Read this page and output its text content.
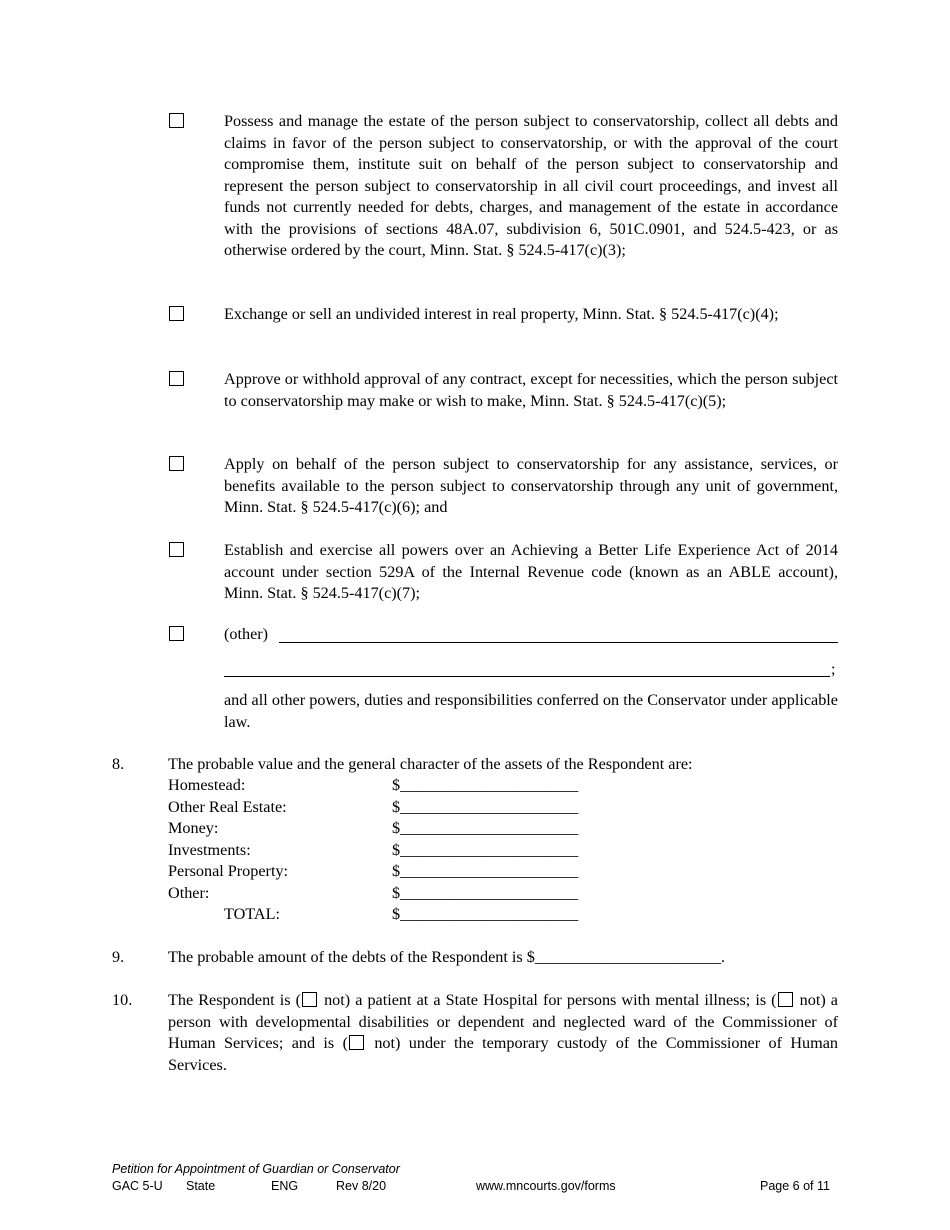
Possess and manage the estate of the person subject to conservatorship, collect all debts and claims in favor of the person subject to conservatorship, or with the approval of the court compromise them, institute suit on behalf of the person subject to conservatorship and represent the person subject to conservatorship in all civil court proceedings, and invest all funds not currently needed for debts, charges, and management of the estate in accordance with the provisions of sections 48A.07, subdivision 6, 501C.0901, and 524.5-423, or as otherwise ordered by the court, Minn. Stat. § 524.5-417(c)(3);
Exchange or sell an undivided interest in real property, Minn. Stat. § 524.5-417(c)(4);
Approve or withhold approval of any contract, except for necessities, which the person subject to conservatorship may make or wish to make, Minn. Stat. § 524.5-417(c)(5);
Apply on behalf of the person subject to conservatorship for any assistance, services, or benefits available to the person subject to conservatorship through any unit of government, Minn. Stat. § 524.5-417(c)(6); and
Establish and exercise all powers over an Achieving a Better Life Experience Act of 2014 account under section 529A of the Internal Revenue code (known as an ABLE account), Minn. Stat. § 524.5-417(c)(7);
(other)
;
and all other powers, duties and responsibilities conferred on the Conservator under applicable law.
8.	The probable value and the general character of the assets of the Respondent are:
Homestead:	$______________________
Other Real Estate:	$______________________
Money:	$______________________
Investments:	$______________________
Personal Property:	$______________________
Other:	$______________________
TOTAL:	$______________________
9.	The probable amount of the debts of the Respondent is $_______________________.
10. The Respondent is ( not) a patient at a State Hospital for persons with mental illness; is ( not) a person with developmental disabilities or dependent and neglected ward of the Commissioner of Human Services; and is ( not) under the temporary custody of the Commissioner of Human Services.
Petition for Appointment of Guardian or Conservator
GAC 5-U State	ENG	Rev 8/20	www.mncourts.gov/forms	Page 6 of 11
